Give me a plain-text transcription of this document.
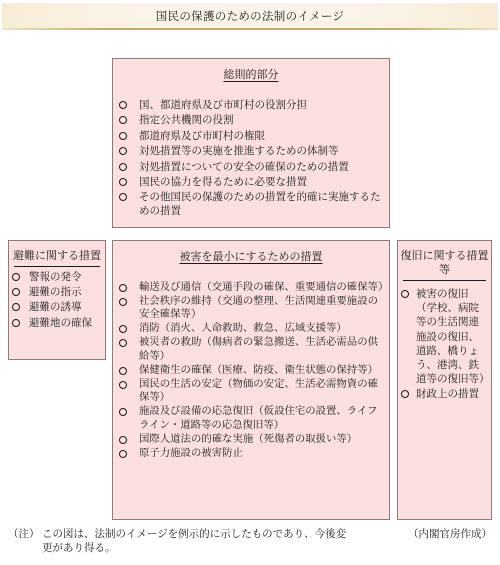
国民の保護のための法制のイメージ
総則的部分
国、都道府県及び市町村の役割分担
指定公共機関の役割
都道府県及び市町村の権限
対処措置等の実施を推進するための体制等
対処措置についての安全の確保のための措置
国民の協力を得るために必要な措置
その他国民の保護のための措置を的確に実施するための措置
避難に関する措置
警報の発令
避難の指示
避難の誘導
避難地の確保
被害を最小にするための措置
輸送及び通信（交通手段の確保、重要通信の確保等）
社会秩序の維持（交通の整理、生活関連重要施設の安全確保等）
消防（消火、人命救助、救急、広域支援等）
被災者の救助（傷病者の緊急搬送、生活必需品の供給等）
保健衛生の確保（医療、防疫、衛生状態の保持等）
国民の生活の安定（物価の安定、生活必需物資の確保等）
施設及び設備の応急復旧（仮設住宅の設置、ライフライン・道路等の応急復旧等）
国際人道法の的確な実施（死傷者の取扱い等）
原子力施設の被害防止
復旧に関する措置等
被害の復旧（学校、病院等の生活関連施設の復旧、道路、橋りょう、港湾、鉄道等の復旧等）
財政上の措置
（注） この図は、法制のイメージを例示的に示したものであり、今後変更があり得る。
（内閣官房作成）
